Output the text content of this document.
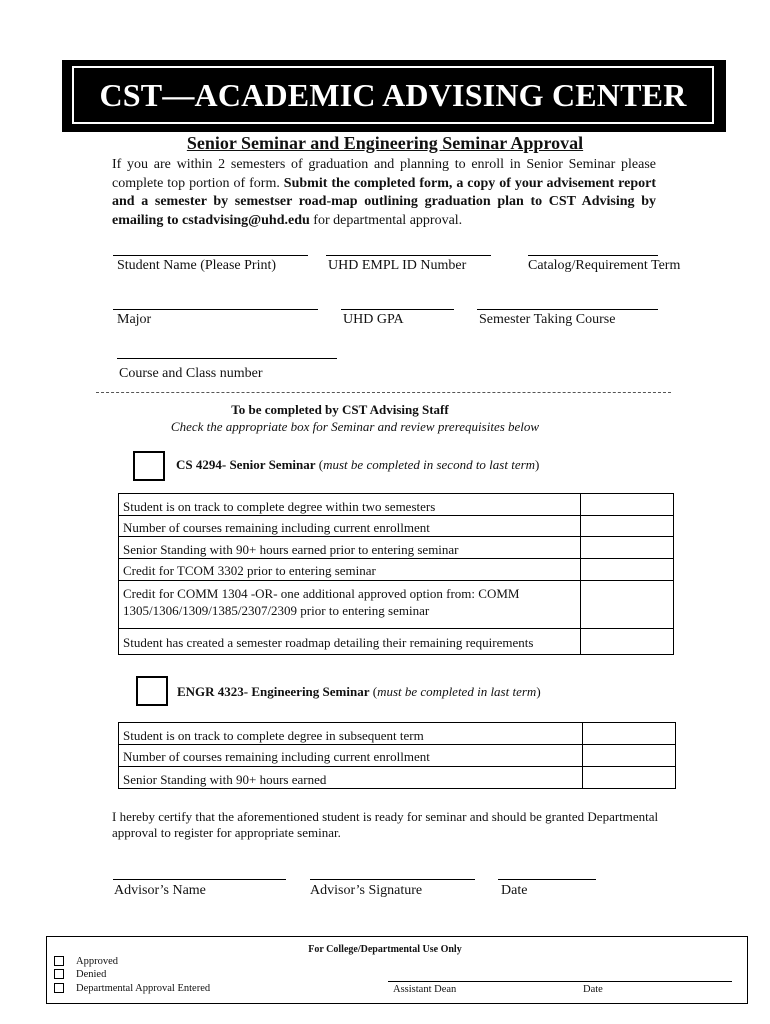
CST—ACADEMIC ADVISING CENTER
Senior Seminar and Engineering Seminar Approval
If you are within 2 semesters of graduation and planning to enroll in Senior Seminar please complete top portion of form. Submit the completed form, a copy of your advisement report and a semester by semestser road-map outlining graduation plan to CST Advising by emailing to cstadvising@uhd.edu for departmental approval.
Student Name (Please Print)	UHD EMPL ID Number	Catalog/Requirement Term
Major	UHD GPA	Semester Taking Course
Course and Class number
To be completed by CST Advising Staff
Check the appropriate box for Seminar and review prerequisites below
CS 4294- Senior Seminar (must be completed in second to last term)
Student is on track to complete degree within two semesters	
Number of courses remaining including current enrollment	
Senior Standing with 90+ hours earned prior to entering seminar	
Credit for TCOM 3302 prior to entering seminar	
Credit for COMM 1304 -OR- one additional approved option from: COMM 1305/1306/1309/1385/2307/2309 prior to entering seminar	
Student has created a semester roadmap detailing their remaining requirements	
ENGR 4323- Engineering Seminar (must be completed in last term)
Student is on track to complete degree in subsequent term	
Number of courses remaining including current enrollment	
Senior Standing with 90+ hours earned	
I hereby certify that the aforementioned student is ready for seminar and should be granted Departmental approval to register for appropriate seminar.
Advisor’s Name	Advisor’s Signature	Date
For College/Departmental Use Only
Approved
Denied
Departmental Approval Entered	Assistant Dean	Date
